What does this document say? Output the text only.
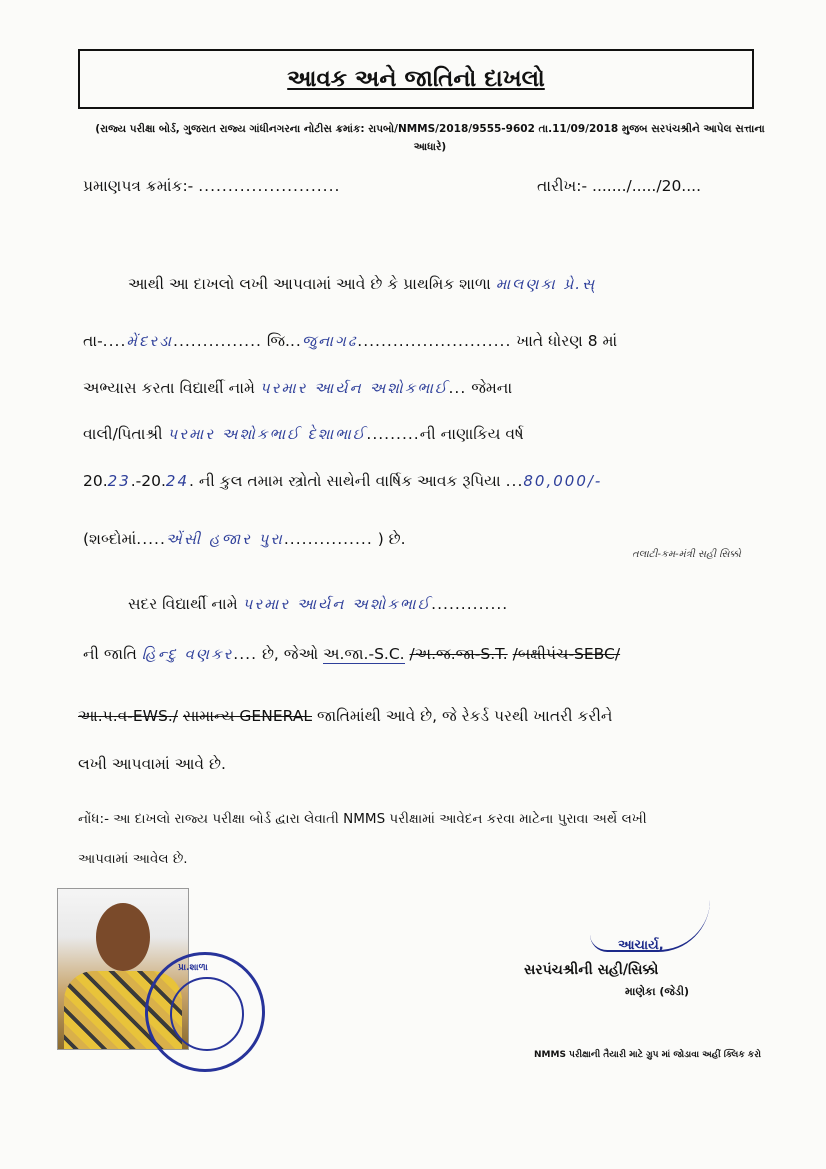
આવક અને જાતિનો દાખલો
(રાજ્ય પરીક્ષા બોર્ડ, ગુજરાત રાજ્ય ગાંધીનગરના નોટીસ ક્રમાંક: રાપબો/NMMS/2018/9555-9602 તા.11/09/2018 મુજબ સરપંચશ્રીને આપેલ સત્તાના આધારે)
પ્રમાણપત્ર ક્રમાંક:- ........................	તારીખ:- ......./...../20....
આથી આ દાખલો લખી આપવામાં આવે છે કે પ્રાથમિક શાળા માલણકા પ્રે.સ્
તા-....મેંદરડા............... જિ...જુનાગઢ.......................... ખાતે ધોરણ 8 માં
અભ્યાસ કરતા વિદ્યાર્થી નામે પરમાર આર્યન અશોકભાઈ... જેમના
વાલી/પિતાશ્રી પરમાર અશોકભાઈ દેશાભાઈ.........ની નાણાકિય વર્ષ
20.23.-20.24. ની કુલ તમામ સ્ત્રોતો સાથેની વાર્ષિક આવક રૂપિયા ...80,000/-
(શબ્દોમાં.....એંસી હજાર પુરા............... ) છે.
તલાટી-કમ-મંત્રી સહી સિક્કો
સદર વિદ્યાર્થી નામે પરમાર આર્યન અશોકભાઈ.............
ની જાતિ હિન્દુ વણકર.... છે, જેઓ અ.જા.-S.C. /અ.જ.જા-S.T. /બક્ષીપંચ-SEBC/
આ.પ.વ-EWS./ સામાન્ય GENERAL જાતિમાંથી આવે છે, જે રેકર્ડ પરથી ખાતરી કરીને
લખી આપવામાં આવે છે.
નોંધ:- આ દાખલો રાજ્ય પરીક્ષા બોર્ડ દ્વારા લેવાતી NMMS પરીક્ષામાં આવેદન કરવા માટેના પુરાવા અર્થે લખી
આપવામાં આવેલ છે.
પ્રા.શાળા
આચાર્ય,
સરપંચશ્રીની સહી/સિક્કો
માણેકા (જેડી)
NMMS પરીક્ષાની તૈયારી માટે ગ્રુપ માં જોડાવા અહીં ક્લિક કરો
